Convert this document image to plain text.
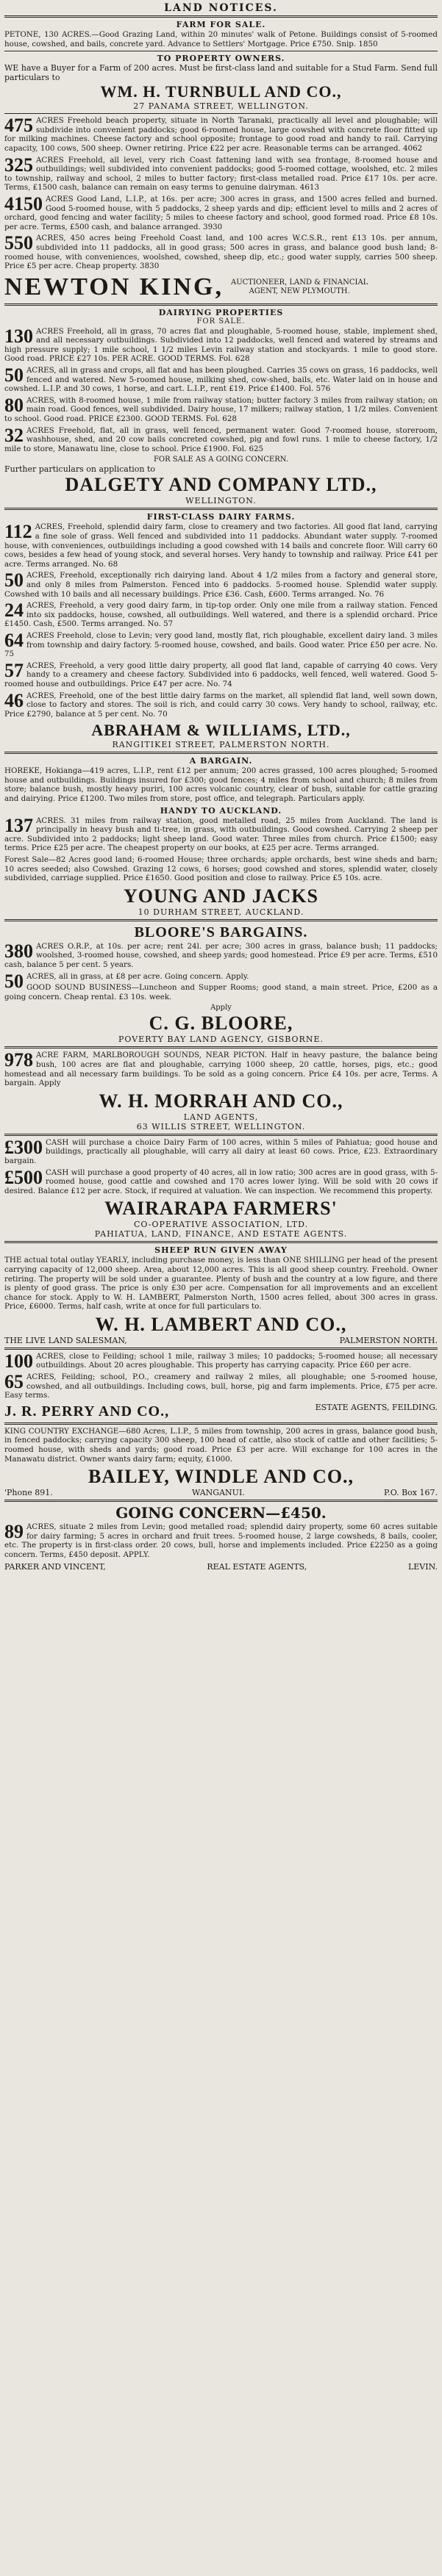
LAND NOTICES.
FARM FOR SALE.
PETONE, 130 ACRES.—Good Grazing Land, within 20 minutes' walk of Petone. Buildings consist of 5-roomed house, cowshed, and bails, concrete yard. Advance to Settlers' Mortgage. Price £750. Snip. 1850
TO PROPERTY OWNERS.
WE have a Buyer for a Farm of 200 acres. Must be first-class land and suitable for a Stud Farm. Send full particulars to
WM. H. TURNBULL AND CO.,
27 PANAMA STREET, WELLINGTON.
475 ACRES Freehold beach property, situate in North Taranaki, practically all level and ploughable; will subdivide into convenient paddocks; good 6-roomed house, large cowshed with concrete floor fitted up for milking machines. Cheese factory and school opposite; frontage to good road and handy to rail. Carrying capacity, 100 cows, 500 sheep. Owner retiring. Price £22 per acre. Reasonable terms can be arranged. 4062
325 ACRES Freehold, all level, very rich Coast fattening land with sea frontage, 8-roomed house and outbuildings; well subdivided into convenient paddocks; good 5-roomed cottage, woolshed, etc. 2 miles to township, railway and school, 2 miles to butter factory; first-class metalled road. Price £17 10s. per acre. Terms, £1500 cash, balance can remain on easy terms to genuine dairyman. 4613
4150 ACRES Good Land, L.I.P., at 16s. per acre; 300 acres in grass, and 1500 acres felled and burned. Good 5-roomed house, with 5 paddocks, 2 sheep yards and dip; efficient level to mills and 2 acres of orchard, good fencing and water facility; 5 miles to cheese factory and school, good formed road. Price £8 10s. per acre. Terms, £500 cash, and balance arranged. 3930
550 ACRES, 450 acres being Freehold Coast land, and 100 acres W.C.S.R., rent £13 10s. per annum, subdivided into 11 paddocks, all in good grass; 500 acres in grass, and balance good bush land; 8-roomed house, with conveniences, woolshed, cowshed, sheep dip, etc.; good water supply, carries 500 sheep. Price £5 per acre. Cheap property. 3830
NEWTON KING, AUCTIONEER, LAND & FINANCIAL
AGENT, NEW PLYMOUTH.
DAIRYING PROPERTIES
FOR SALE.
130 ACRES Freehold, all in grass, 70 acres flat and ploughable, 5-roomed house, stable, implement shed, and all necessary outbuildings. Subdivided into 12 paddocks, well fenced and watered by streams and high pressure supply; 1 mile school, 1 1/2 miles Levin railway station and stockyards. 1 mile to good store. Good road. PRICE £27 10s. PER ACRE. GOOD TERMS. Fol. 628
50 ACRES, all in grass and crops, all flat and has been ploughed. Carries 35 cows on grass, 16 paddocks, well fenced and watered. New 5-roomed house, milking shed, cow-shed, bails, etc. Water laid on in house and cowshed. L.I.P. and 30 cows, 1 horse, and cart. L.I.P., rent £19. Price £1400. Fol. 576
80 ACRES, with 8-roomed house, 1 mile from railway station; butter factory 3 miles from railway station; on main road. Good fences, well subdivided. Dairy house, 17 milkers; railway station, 1 1/2 miles. Convenient to school. Good road. PRICE £2300. GOOD TERMS. Fol. 628
32 ACRES Freehold, flat, all in grass, well fenced, permanent water. Good 7-roomed house, storeroom, washhouse, shed, and 20 cow bails concreted cowshed, pig and fowl runs. 1 mile to cheese factory, 1/2 mile to store, Manawatu line, close to school. Price £1900. Fol. 625
FOR SALE AS A GOING CONCERN.
Further particulars on application to
DALGETY AND COMPANY LTD.,
WELLINGTON.
FIRST-CLASS DAIRY FARMS.
112 ACRES, Freehold, splendid dairy farm, close to creamery and two factories. All good flat land, carrying a fine sole of grass. Well fenced and subdivided into 11 paddocks. Abundant water supply. 7-roomed house, with conveniences, outbuildings including a good cowshed with 14 bails and concrete floor. Will carry 60 cows, besides a few head of young stock, and several horses. Very handy to township and railway. Price £41 per acre. Terms arranged. No. 68
50 ACRES, Freehold, exceptionally rich dairying land. About 4 1/2 miles from a factory and general store, and only 8 miles from Palmerston. Fenced into 6 paddocks. 5-roomed house. Splendid water supply. Cowshed with 10 bails and all necessary buildings. Price £36. Cash, £600. Terms arranged. No. 76
24 ACRES, Freehold, a very good dairy farm, in tip-top order. Only one mile from a railway station. Fenced into six paddocks, house, cowshed, all outbuildings. Well watered, and there is a splendid orchard. Price £1450. Cash, £500. Terms arranged. No. 57
64 ACRES Freehold, close to Levin; very good land, mostly flat, rich ploughable, excellent dairy land. 3 miles from township and dairy factory. 5-roomed house, cowshed, and bails. Good water. Price £50 per acre. No. 75
57 ACRES, Freehold, a very good little dairy property, all good flat land, capable of carrying 40 cows. Very handy to a creamery and cheese factory. Subdivided into 6 paddocks, well fenced, well watered. Good 5-roomed house and outbuildings. Price £47 per acre. No. 74
46 ACRES, Freehold, one of the best little dairy farms on the market, all splendid flat land, well sown down, close to factory and stores. The soil is rich, and could carry 30 cows. Very handy to school, railway, etc. Price £2790, balance at 5 per cent. No. 70
ABRAHAM & WILLIAMS, LTD.,
RANGITIKEI STREET, PALMERSTON NORTH.
A BARGAIN.
HOREKE, Hokianga—419 acres, L.I.P., rent £12 per annum; 200 acres grassed, 100 acres ploughed; 5-roomed house and outbuildings. Buildings insured for £300; good fences; 4 miles from school and church; 8 miles from store; balance bush, mostly heavy puriri, 100 acres volcanic country, clear of bush, suitable for cattle grazing and dairying. Price £1200. Two miles from store, post office, and telegraph. Particulars apply.
HANDY TO AUCKLAND.
137 ACRES. 31 miles from railway station, good metalled road, 25 miles from Auckland. The land is principally in heavy bush and ti-tree, in grass, with outbuildings. Good cowshed. Carrying 2 sheep per acre. Subdivided into 2 paddocks; light sheep land. Good water. Three miles from church. Price £1500; easy terms. Price £25 per acre. The cheapest property on our books, at £25 per acre. Terms arranged.
Forest Sale—82 Acres good land; 6-roomed House; three orchards; apple orchards, best wine sheds and barn; 10 acres seeded; also Cowshed. Grazing 12 cows, 6 horses; good cowshed and stores, splendid water, closely subdivided, carriage supplied. Price £1650. Good position and close to railway. Price £5 10s. acre.
YOUNG AND JACKS
10 DURHAM STREET, AUCKLAND.
BLOORE'S BARGAINS.
380 ACRES O.R.P., at 10s. per acre; rent 24l. per acre; 300 acres in grass, balance bush; 11 paddocks; woolshed, 3-roomed house, cowshed, and sheep yards; good homestead. Price £9 per acre. Terms, £510 cash, balance 5 per cent. 5 years.
50 ACRES, all in grass, at £8 per acre. Going concern. Apply.
GOOD SOUND BUSINESS—Luncheon and Supper Rooms; good stand, a main street. Price, £200 as a going concern. Cheap rental. £3 10s. week.
Apply
C. G. BLOORE,
POVERTY BAY LAND AGENCY, GISBORNE.
978 ACRE FARM, MARLBOROUGH SOUNDS, NEAR PICTON. Half in heavy pasture, the balance being bush, 100 acres are flat and ploughable, carrying 1000 sheep, 20 cattle, horses, pigs, etc.; good homestead and all necessary farm buildings. To be sold as a going concern. Price £4 10s. per acre, Terms. A bargain. Apply
W. H. MORRAH AND CO.,
LAND AGENTS,
63 WILLIS STREET, WELLINGTON.
£300 CASH will purchase a choice Dairy Farm of 100 acres, within 5 miles of Pahiatua; good house and buildings, practically all ploughable, will carry all dairy at least 60 cows. Price, £23. Extraordinary bargain.
£500 CASH will purchase a good property of 40 acres, all in low ratio; 300 acres are in good grass, with 5-roomed house, good cattle and cowshed and 170 acres lower lying. Will be sold with 20 cows if desired. Balance £12 per acre. Stock, if required at valuation. We can inspection. We recommend this property.
WAIRARAPA FARMERS'
CO-OPERATIVE ASSOCIATION, LTD.
PAHIATUA, LAND, FINANCE, AND ESTATE AGENTS.
SHEEP RUN GIVEN AWAY
THE actual total outlay YEARLY, including purchase money, is less than ONE SHILLING per head of the present carrying capacity of 12,000 sheep. Area, about 12,000 acres. This is all good sheep country. Freehold. Owner retiring. The property will be sold under a guarantee. Plenty of bush and the country at a low figure, and there is plenty of good grass. The price is only £30 per acre. Compensation for all improvements and an excellent chance for stock. Apply to W. H. LAMBERT, Palmerston North, 1500 acres felled, about 300 acres in grass. Price, £6000. Terms, half cash, write at once for full particulars to.
W. H. LAMBERT AND CO.,
THE LIVE LAND SALESMAN,	PALMERSTON NORTH.
100 ACRES, close to Feilding; school 1 mile, railway 3 miles; 10 paddocks; 5-roomed house; all necessary outbuildings. About 20 acres ploughable. This property has carrying capacity. Price £60 per acre.
65 ACRES, Feilding; school, P.O., creamery and railway 2 miles, all ploughable; one 5-roomed house, cowshed, and all outbuildings. Including cows, bull, horse, pig and farm implements. Price, £75 per acre. Easy terms.
J. R. PERRY AND CO.,	ESTATE AGENTS, FEILDING.
KING COUNTRY EXCHANGE—680 Acres, L.I.P., 5 miles from township, 200 acres in grass, balance good bush, in fenced paddocks; carrying capacity 300 sheep, 100 head of cattle, also stock of cattle and other facilities; 5-roomed house, with sheds and yards; good road. Price £3 per acre. Will exchange for 100 acres in the Manawatu district. Owner wants dairy farm; equity, £1000.
BAILEY, WINDLE AND CO.,
'Phone 891.	WANGANUI.	P.O. Box 167.
GOING CONCERN—£450.
89 ACRES, situate 2 miles from Levin; good metalled road; splendid dairy property, some 60 acres suitable for dairy farming; 5 acres in orchard and fruit trees. 5-roomed house, 2 large cowsheds, 8 bails, cooler, etc. The property is in first-class order. 20 cows, bull, horse and implements included. Price £2250 as a going concern. Terms, £450 deposit. APPLY.
PARKER AND VINCENT,	REAL ESTATE AGENTS,	LEVIN.
